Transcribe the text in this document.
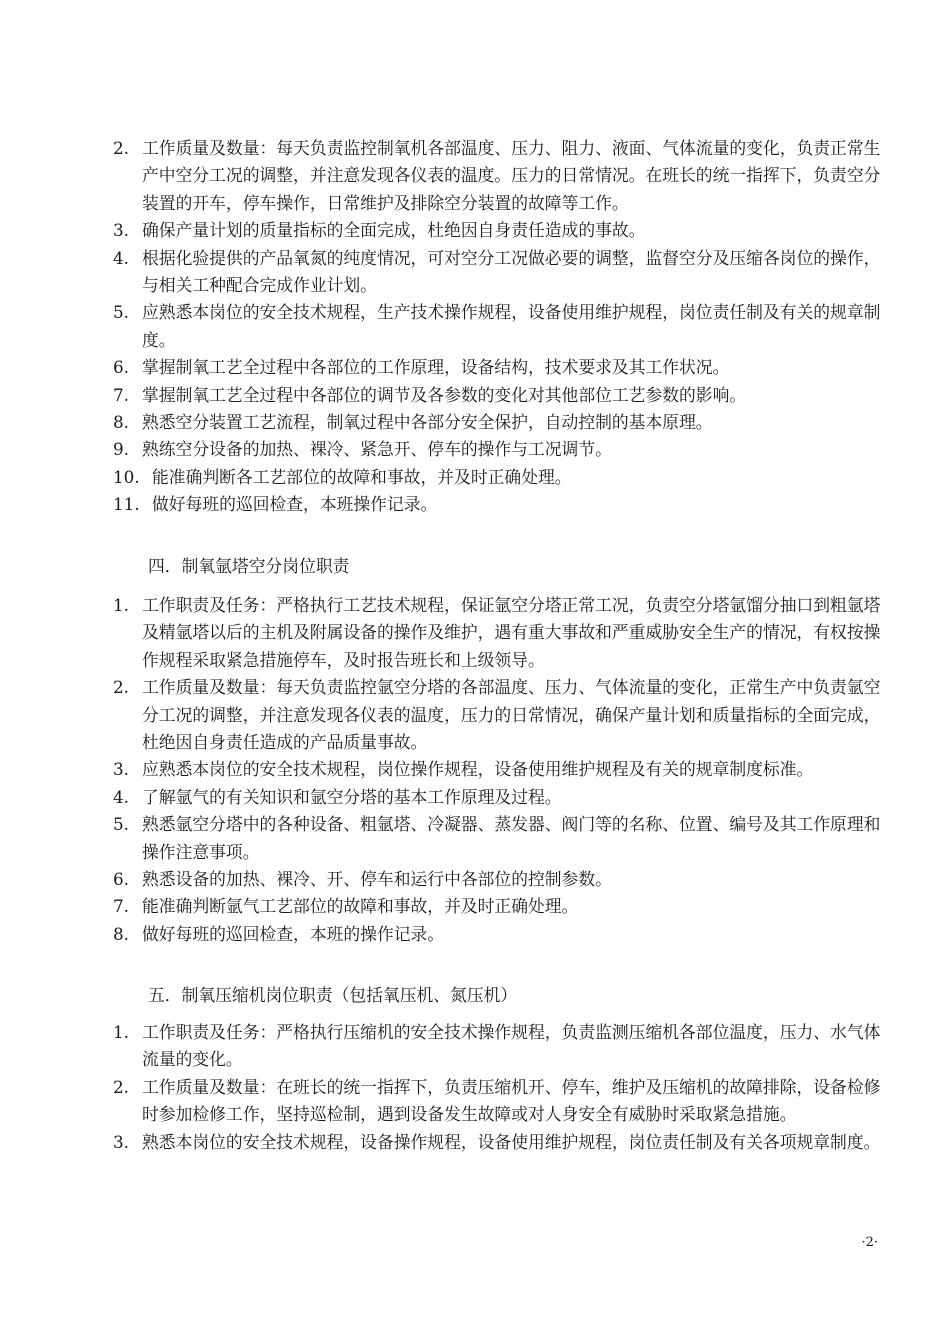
2. 工作质量及数量：每天负责监控制氧机各部温度、压力、阻力、液面、气体流量的变化，负责正常生产中空分工况的调整，并注意发现各仪表的温度。压力的日常情况。在班长的统一指挥下，负责空分装置的开车，停车操作，日常维护及排除空分装置的故障等工作。
3. 确保产量计划的质量指标的全面完成，杜绝因自身责任造成的事故。
4. 根据化验提供的产品氧氮的纯度情况，可对空分工况做必要的调整，监督空分及压缩各岗位的操作，与相关工种配合完成作业计划。
5. 应熟悉本岗位的安全技术规程，生产技术操作规程，设备使用维护规程，岗位责任制及有关的规章制度。
6. 掌握制氧工艺全过程中各部位的工作原理，设备结构，技术要求及其工作状况。
7. 掌握制氧工艺全过程中各部位的调节及各参数的变化对其他部位工艺参数的影响。
8. 熟悉空分装置工艺流程，制氧过程中各部分安全保护，自动控制的基本原理。
9. 熟练空分设备的加热、裸冷、紧急开、停车的操作与工况调节。
10. 能准确判断各工艺部位的故障和事故，并及时正确处理。
11. 做好每班的巡回检查，本班操作记录。
四．制氧氩塔空分岗位职责
1. 工作职责及任务：严格执行工艺技术规程，保证氩空分塔正常工况，负责空分塔氩馏分抽口到粗氩塔及精氩塔以后的主机及附属设备的操作及维护，遇有重大事故和严重威胁安全生产的情况，有权按操作规程采取紧急措施停车，及时报告班长和上级领导。
2. 工作质量及数量：每天负责监控氩空分塔的各部温度、压力、气体流量的变化，正常生产中负责氩空分工况的调整，并注意发现各仪表的温度，压力的日常情况，确保产量计划和质量指标的全面完成，杜绝因自身责任造成的产品质量事故。
3. 应熟悉本岗位的安全技术规程，岗位操作规程，设备使用维护规程及有关的规章制度标准。
4. 了解氩气的有关知识和氩空分塔的基本工作原理及过程。
5. 熟悉氩空分塔中的各种设备、粗氩塔、冷凝器、蒸发器、阀门等的名称、位置、编号及其工作原理和操作注意事项。
6. 熟悉设备的加热、裸冷、开、停车和运行中各部位的控制参数。
7. 能准确判断氩气工艺部位的故障和事故，并及时正确处理。
8. 做好每班的巡回检查，本班的操作记录。
五．制氧压缩机岗位职责（包括氧压机、氮压机）
1. 工作职责及任务：严格执行压缩机的安全技术操作规程，负责监测压缩机各部位温度，压力、水气体流量的变化。
2. 工作质量及数量：在班长的统一指挥下，负责压缩机开、停车，维护及压缩机的故障排除，设备检修时参加检修工作，坚持巡检制，遇到设备发生故障或对人身安全有威胁时采取紧急措施。
3. 熟悉本岗位的安全技术规程，设备操作规程，设备使用维护规程，岗位责任制及有关各项规章制度。
·2·
